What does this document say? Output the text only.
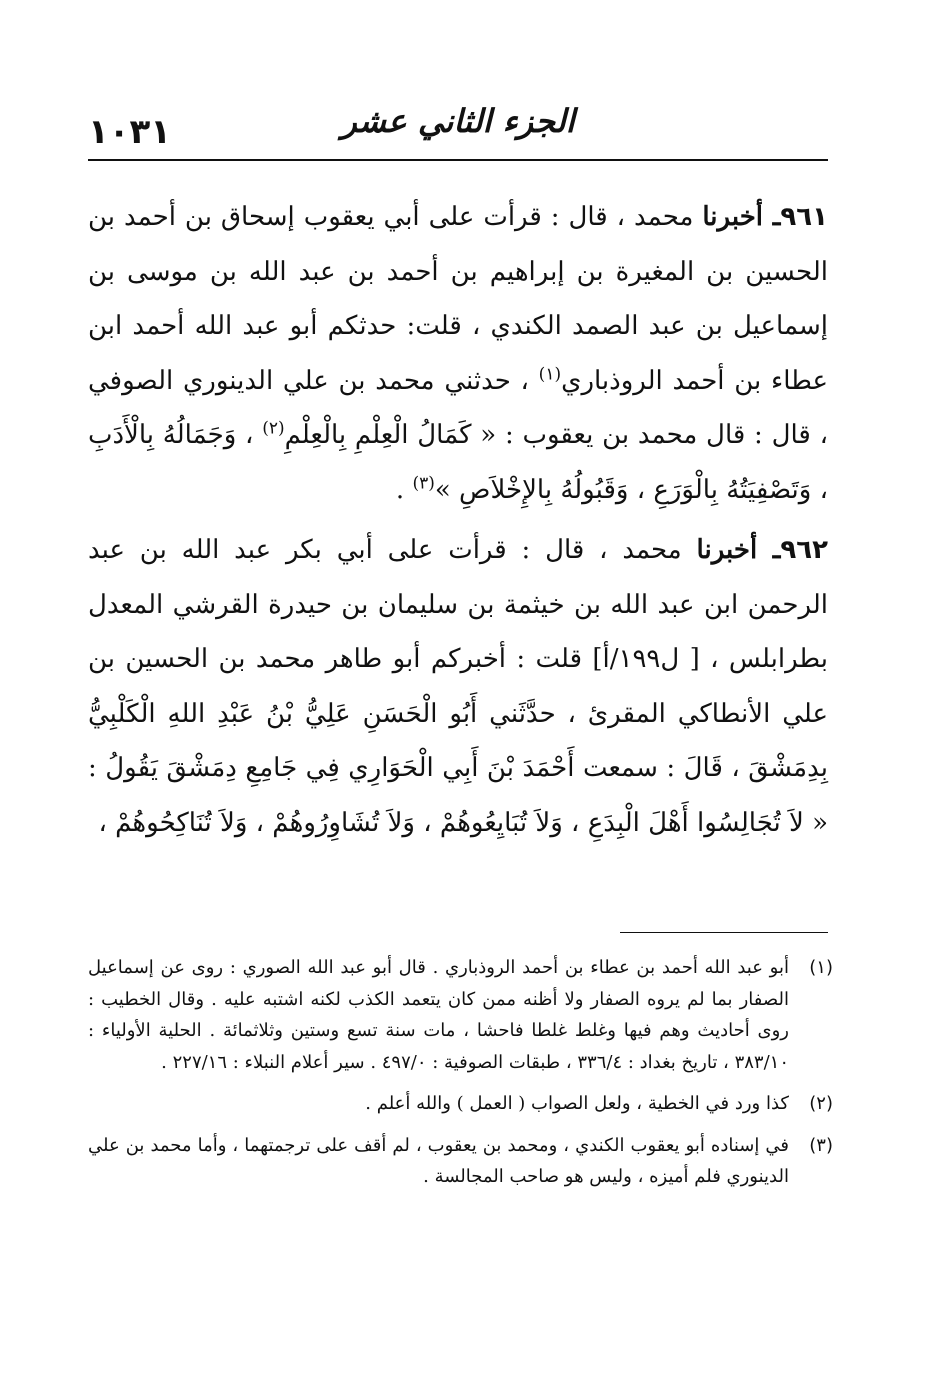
١٠٣١	الجزء الثاني عشر

٩٦١ـ أخبرنا محمد ، قال : قرأت على أبي يعقوب إسحاق بن أحمد بن الحسين بن المغيرة بن إبراهيم بن أحمد بن عبد الله بن موسى بن إسماعيل بن عبد الصمد الكندي ، قلت: حدثكم أبو عبد الله أحمد ابن عطاء بن أحمد الروذباري$^{(١)}$ ، حدثني محمد بن علي الدينوري الصوفي ، قال : قال محمد بن يعقوب : « كَمَالُ الْعِلْمِ بِالْعِلْمِ$^{(٢)}$ ، وَجَمَالُهُ بِالْأَدَبِ ، وَتَصْفِيَتُهُ بِالْوَرَعِ ، وَقَبُولُهُ بِالإِخْلاَصِ »$^{(٣)}$ .

٩٦٢ـ أخبرنا محمد ، قال : قرأت على أبي بكر عبد الله بن عبد الرحمن ابن عبد الله بن خيثمة بن سليمان بن حيدرة القرشي المعدل بطرابلس ، [ ل١٩٩/أ] قلت : أخبركم أبو طاهر محمد بن الحسين بن علي الأنطاكي المقرئ ، حدَّثَني أَبُو الْحَسَنِ عَلِيُّ بْنُ عَبْدِ اللهِ الْكَلْبِيُّ بِدِمَشْقَ ، قَالَ : سمعت أَحْمَدَ بْنَ أَبِي الْحَوَارِي فِي جَامِعِ دِمَشْقَ يَقُولُ : « لاَ تُجَالِسُوا أَهْلَ الْبِدَعِ ، وَلاَ تُبَايِعُوهُمْ ، وَلاَ تُشَاوِرُوهُمْ ، وَلاَ تُنَاكِحُوهُمْ ،

(١)
أبو عبد الله أحمد بن عطاء بن أحمد الروذباري . قال أبو عبد الله الصوري : روى عن إسماعيل الصفار بما لم يروه الصفار ولا أظنه ممن كان يتعمد الكذب لكنه اشتبه عليه . وقال الخطيب : روى أحاديث وهم فيها وغلط غلطا فاحشا ، مات سنة تسع وستين وثلاثمائة . الحلية الأولياء : ٣٨٣/١٠ ، تاريخ بغداد : ٣٣٦/٤ ، طبقات الصوفية : ٤٩٧/٠ . سير أعلام النبلاء : ٢٢٧/١٦ .
(٢)
كذا ورد في الخطية ، ولعل الصواب ( العمل ) والله أعلم .
(٣)
في إسناده أبو يعقوب الكندي ، ومحمد بن يعقوب ، لم أقف على ترجمتهما ، وأما محمد بن علي الدينوري فلم أميزه ، وليس هو صاحب المجالسة .
